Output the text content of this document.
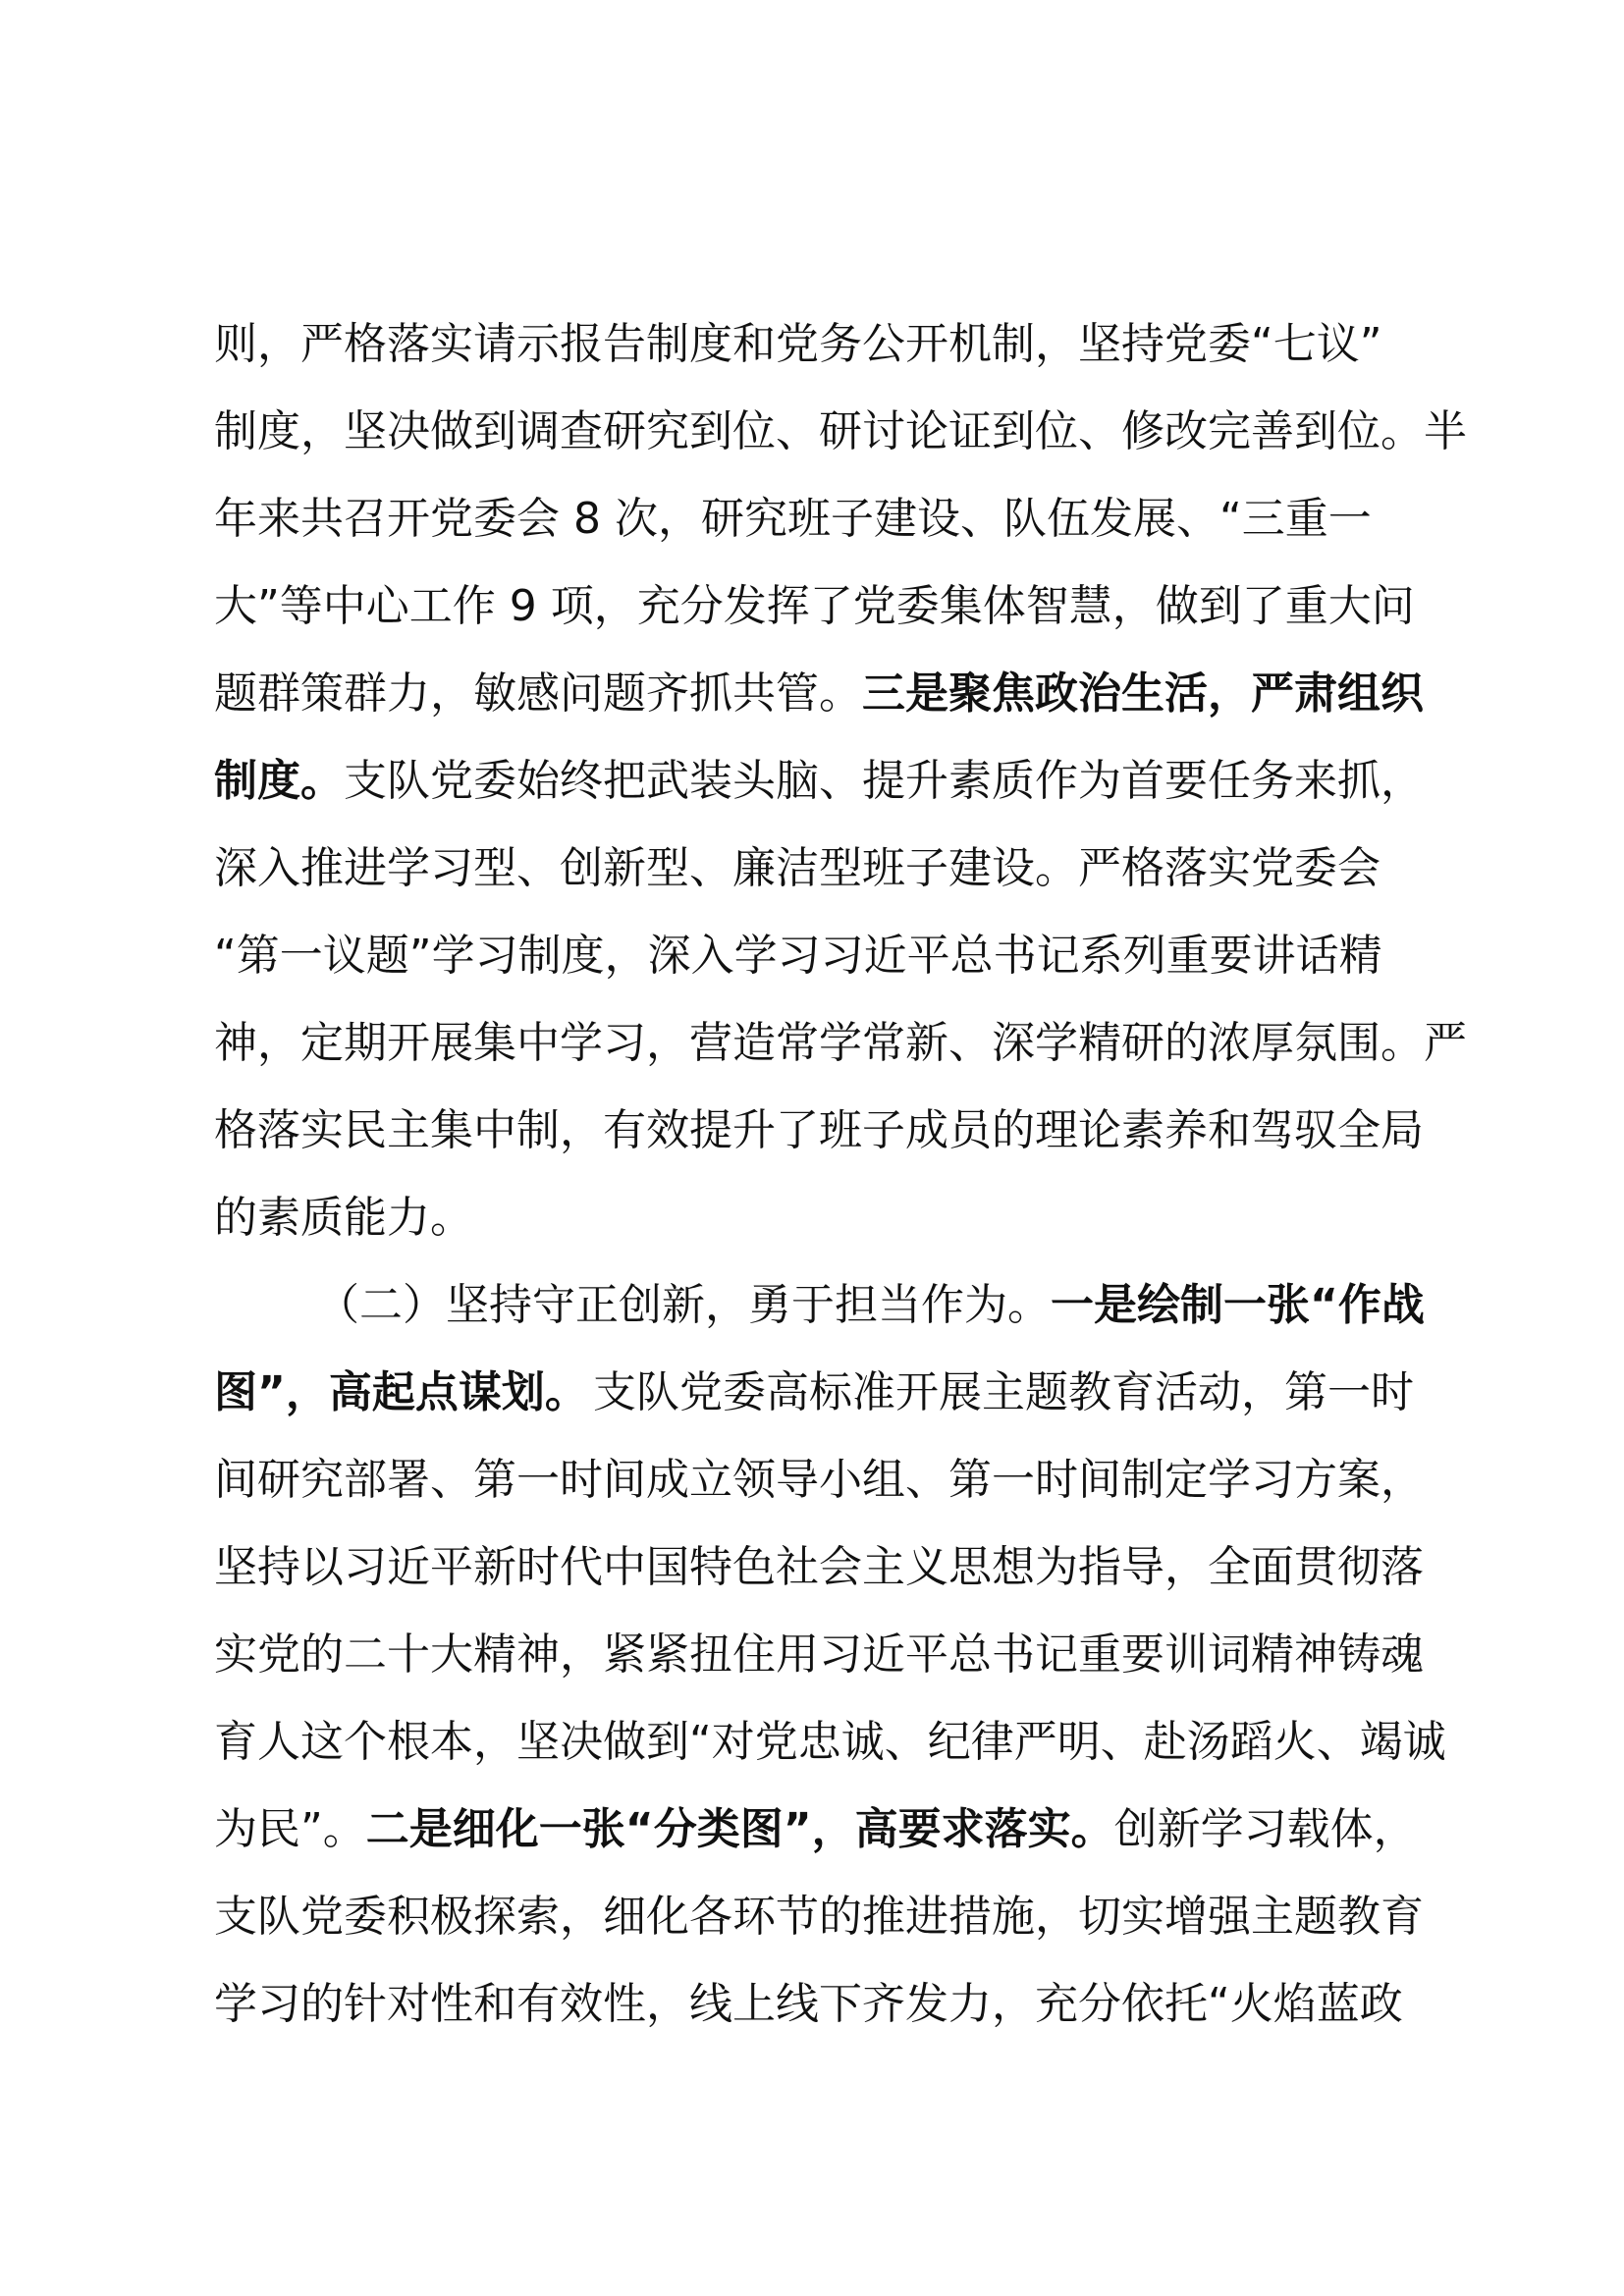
则，严格落实请示报告制度和党务公开机制，坚持党委“七议”
制度，坚决做到调查研究到位、研讨论证到位、修改完善到位。半
年来共召开党委会 8 次，研究班子建设、队伍发展、“三重一
大”等中心工作 9 项，充分发挥了党委集体智慧，做到了重大问
题群策群力，敏感问题齐抓共管。 三是聚焦政治生活，严肃组织
制度。 支队党委始终把武装头脑、提升素质作为首要任务来抓，
深入推进学习型、创新型、廉洁型班子建设。严格落实党委会
“第一议题”学习制度，深入学习习近平总书记系列重要讲话精
神，定期开展集中学习，营造常学常新、深学精研的浓厚氛围。严
格落实民主集中制，有效提升了班子成员的理论素养和驾驭全局
的素质能力。
（二）坚持守正创新，勇于担当作为。 一是绘制一张“作战
图”，高起点谋划。 支队党委高标准开展主题教育活动，第一时
间研究部署、第一时间成立领导小组、第一时间制定学习方案，
坚持以习近平新时代中国特色社会主义思想为指导，全面贯彻落
实党的二十大精神，紧紧扭住用习近平总书记重要训词精神铸魂
育人这个根本，坚决做到“对党忠诚、纪律严明、赴汤蹈火、竭诚
为民”。 二是细化一张“分类图”，高要求落实。 创新学习载体，
支队党委积极探索，细化各环节的推进措施，切实增强主题教育
学习的针对性和有效性，线上线下齐发力，充分依托“火焰蓝政
